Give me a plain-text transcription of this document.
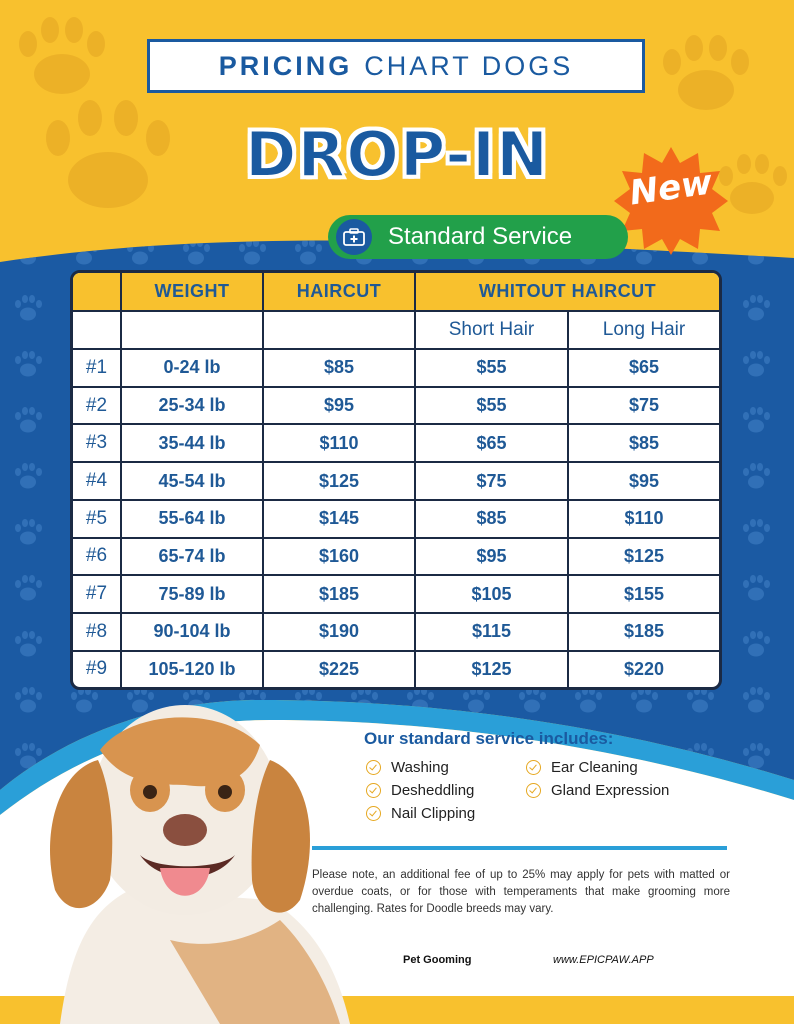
PRICING CHART DOGS
DROP-IN	New
Standard Service
	WEIGHT	HAIRCUT	WHITOUT HAIRCUT	
			Short Hair	Long Hair
#1	0-24 lb	$85	$55	$65
#2	25-34 lb	$95	$55	$75
#3	35-44 lb	$110	$65	$85
#4	45-54 lb	$125	$75	$95
#5	55-64 lb	$145	$85	$110
#6	65-74 lb	$160	$95	$125
#7	75-89 lb	$185	$105	$155
#8	90-104 lb	$190	$115	$185
#9	105-120 lb	$225	$125	$220
Our standard service includes:
Washing	Ear Cleaning
Desheddling	Gland Expression
Nail Clipping
Please note, an additional fee of up to 25% may apply for pets with matted or overdue coats, or for those with temperaments that make grooming more challenging. Rates for Doodle breeds may vary.
Pet Gooming	www.EPICPAW.APP
